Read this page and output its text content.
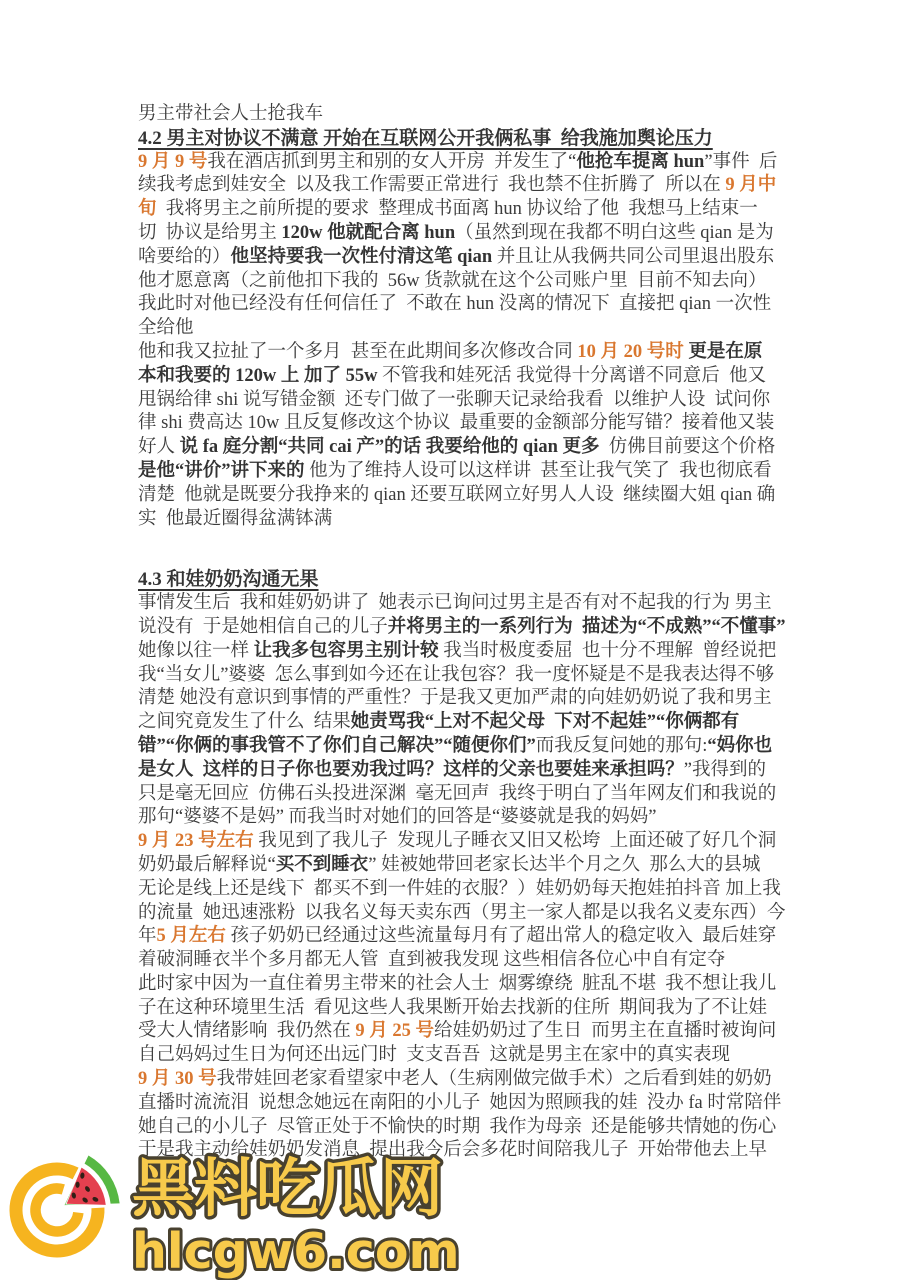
男主带社会人士抢我车
4.2 男主对协议不满意 开始在互联网公开我俩私事  给我施加舆论压力
9 月 9 号我在酒店抓到男主和别的女人开房  并发生了“他抢车提离 hun”事件  后
续我考虑到娃安全  以及我工作需要正常进行  我也禁不住折腾了  所以在 9 月中
旬  我将男主之前所提的要求  整理成书面离 hun 协议给了他  我想马上结束一
切  协议是给男主 120w 他就配合离 hun（虽然到现在我都不明白这些 qian 是为
啥要给的）他坚持要我一次性付清这笔 qian 并且让从我俩共同公司里退出股东
他才愿意离（之前他扣下我的  56w 货款就在这个公司账户里  目前不知去向）
我此时对他已经没有任何信任了  不敢在 hun 没离的情况下  直接把 qian 一次性
全给他
他和我又拉扯了一个多月  甚至在此期间多次修改合同 10 月 20 号时 更是在原
本和我要的 120w 上 加了 55w 不管我和娃死活 我觉得十分离谱不同意后  他又
甩锅给律 shi 说写错金额  还专门做了一张聊天记录给我看  以维护人设  试问你
律 shi 费高达 10w 且反复修改这个协议  最重要的金额部分能写错？接着他又装
好人 说 fa 庭分割“共同 cai 产”的话 我要给他的 qian 更多  仿佛目前要这个价格
是他“讲价”讲下来的 他为了维持人设可以这样讲  甚至让我气笑了  我也彻底看
清楚  他就是既要分我挣来的 qian 还要互联网立好男人人设  继续圈大姐 qian 确
实  他最近圈得盆满钵满
4.3 和娃奶奶沟通无果
事情发生后  我和娃奶奶讲了  她表示已询问过男主是否有对不起我的行为 男主
说没有  于是她相信自己的儿子并将男主的一系列行为  描述为“不成熟”“不懂事”
她像以往一样 让我多包容男主别计较 我当时极度委屈  也十分不理解  曾经说把
我“当女儿”婆婆  怎么事到如今还在让我包容？我一度怀疑是不是我表达得不够
清楚 她没有意识到事情的严重性？于是我又更加严肃的向娃奶奶说了我和男主
之间究竟发生了什么  结果她责骂我“上对不起父母  下对不起娃”“你俩都有
错”“你俩的事我管不了你们自己解决”“随便你们”而我反复问她的那句:“妈你也
是女人  这样的日子你也要劝我过吗？这样的父亲也要娃来承担吗？”我得到的
只是毫无回应  仿佛石头投进深渊  毫无回声  我终于明白了当年网友们和我说的
那句“婆婆不是妈” 而我当时对她们的回答是“婆婆就是我的妈妈”
9 月 23 号左右 我见到了我儿子  发现儿子睡衣又旧又松垮  上面还破了好几个洞
奶奶最后解释说“买不到睡衣” 娃被她带回老家长达半个月之久  那么大的县城
无论是线上还是线下  都买不到一件娃的衣服？）娃奶奶每天抱娃拍抖音 加上我
的流量  她迅速涨粉  以我名义每天卖东西（男主一家人都是以我名义麦东西）今
年5 月左右 孩子奶奶已经通过这些流量每月有了超出常人的稳定收入  最后娃穿
着破洞睡衣半个多月都无人管  直到被我发现 这些相信各位心中自有定夺
此时家中因为一直住着男主带来的社会人士  烟雾缭绕  脏乱不堪  我不想让我儿
子在这种环境里生活  看见这些人我果断开始去找新的住所  期间我为了不让娃
受大人情绪影响  我仍然在 9 月 25 号给娃奶奶过了生日  而男主在直播时被询问
自己妈妈过生日为何还出远门时  支支吾吾  这就是男主在家中的真实表现
9 月 30 号我带娃回老家看望家中老人（生病刚做完做手术）之后看到娃的奶奶
直播时流流泪  说想念她远在南阳的小儿子  她因为照顾我的娃  没办 fa 时常陪伴
她自己的小儿子  尽管正处于不愉快的时期  我作为母亲  还是能够共情她的伤心
于是我主动给娃奶奶发消息  提出我今后会多花时间陪我儿子  开始带他去上早
黑料吃瓜网
hlcgw6.com
